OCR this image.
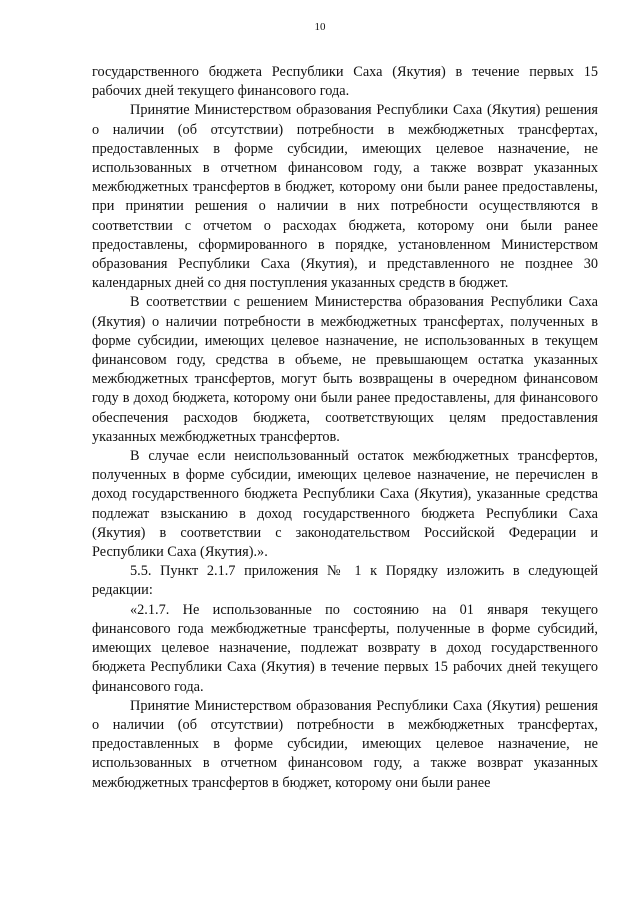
10

государственного бюджета Республики Саха (Якутия) в течение первых 15 рабочих дней текущего финансового года.

Принятие Министерством образования Республики Саха (Якутия) решения о наличии (об отсутствии) потребности в межбюджетных трансфертах, предоставленных в форме субсидии, имеющих целевое назначение, не использованных в отчетном финансовом году, а также возврат указанных межбюджетных трансфертов в бюджет, которому они были ранее предоставлены, при принятии решения о наличии в них потребности осуществляются в соответствии с отчетом о расходах бюджета, которому они были ранее предоставлены, сформированного в порядке, установленном Министерством образования Республики Саха (Якутия), и представленного не позднее 30 календарных дней со дня поступления указанных средств в бюджет.

В соответствии с решением Министерства образования Республики Саха (Якутия) о наличии потребности в межбюджетных трансфертах, полученных в форме субсидии, имеющих целевое назначение, не использованных в текущем финансовом году, средства в объеме, не превышающем остатка указанных межбюджетных трансфертов, могут быть возвращены в очередном финансовом году в доход бюджета, которому они были ранее предоставлены, для финансового обеспечения расходов бюджета, соответствующих целям предоставления указанных межбюджетных трансфертов.

В случае если неиспользованный остаток межбюджетных трансфертов, полученных в форме субсидии, имеющих целевое назначение, не перечислен в доход государственного бюджета Республики Саха (Якутия), указанные средства подлежат взысканию в доход государственного бюджета Республики Саха (Якутия) в соответствии с законодательством Российской Федерации и Республики Саха (Якутия).».

5.5. Пункт 2.1.7 приложения № 1 к Порядку изложить в следующей редакции:

«2.1.7. Не использованные по состоянию на 01 января текущего финансового года межбюджетные трансферты, полученные в форме субсидий, имеющих целевое назначение, подлежат возврату в доход государственного бюджета Республики Саха (Якутия) в течение первых 15 рабочих дней текущего финансового года.

Принятие Министерством образования Республики Саха (Якутия) решения о наличии (об отсутствии) потребности в межбюджетных трансфертах, предоставленных в форме субсидии, имеющих целевое назначение, не использованных в отчетном финансовом году, а также возврат указанных межбюджетных трансфертов в бюджет, которому они были ранее
